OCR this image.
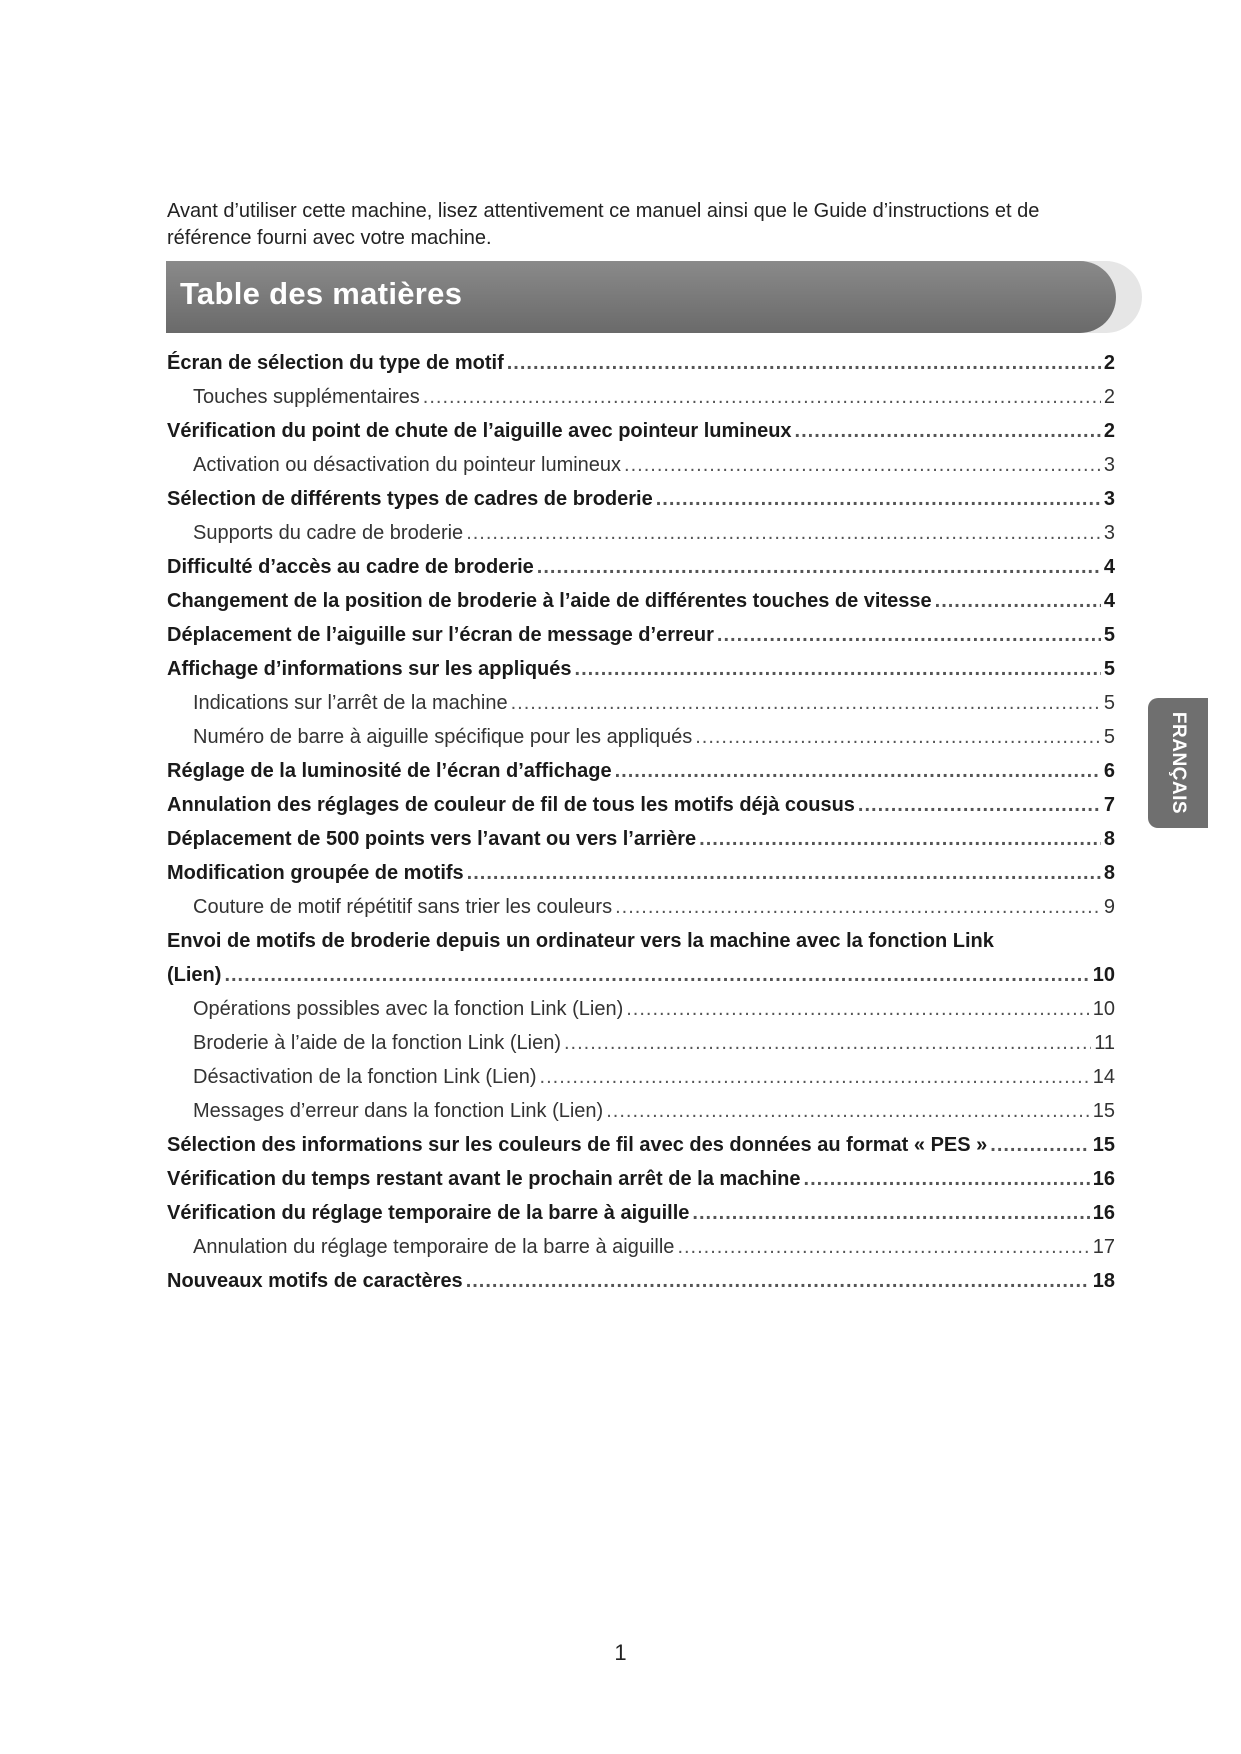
Avant d’utiliser cette machine, lisez attentivement ce manuel ainsi que le Guide d’instructions et de référence fourni avec votre machine.

Table des matières
Écran de sélection du type de motif .....	2
Touches supplémentaires .....	2
Vérification du point de chute de l’aiguille avec pointeur lumineux .....	2
Activation ou désactivation du pointeur lumineux .....	3
Sélection de différents types de cadres de broderie .....	3
Supports du cadre de broderie .....	3
Difficulté d’accès au cadre de broderie .....	4
Changement de la position de broderie à l’aide de différentes touches de vitesse .....	4
Déplacement de l’aiguille sur l’écran de message d’erreur .....	5
Affichage d’informations sur les appliqués .....	5
Indications sur l’arrêt de la machine .....	5
Numéro de barre à aiguille spécifique pour les appliqués .....	5
Réglage de la luminosité de l’écran d’affichage .....	6
Annulation des réglages de couleur de fil de tous les motifs déjà cousus .....	7
Déplacement de 500 points vers l’avant ou vers l’arrière .....	8
Modification groupée de motifs .....	8
Couture de motif répétitif sans trier les couleurs .....	9
Envoi de motifs de broderie depuis un ordinateur vers la machine avec la fonction Link
(Lien) .....	10
Opérations possibles avec la fonction Link (Lien) .....	10
Broderie à l’aide de la fonction Link (Lien) .....	11
Désactivation de la fonction Link (Lien) .....	14
Messages d’erreur dans la fonction Link (Lien) .....	15
Sélection des informations sur les couleurs de fil avec des données au format « PES » .....	15
Vérification du temps restant avant le prochain arrêt de la machine .....	16
Vérification du réglage temporaire de la barre à aiguille .....	16
Annulation du réglage temporaire de la barre à aiguille .....	17
Nouveaux motifs de caractères .....	18
FRANÇAIS
1
